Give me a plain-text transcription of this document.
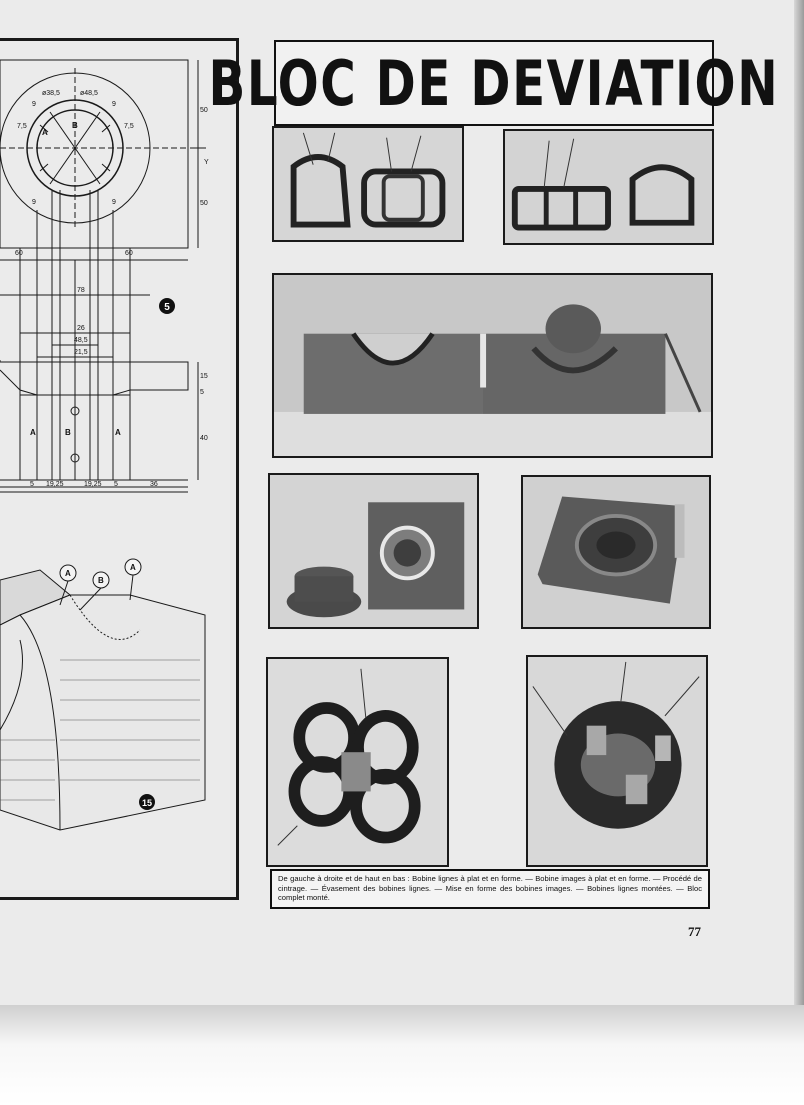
5
15
ø38,5	ø48,5
60	60
78
26
48,5
21,5
50
50
15
5
40
7,5	7,5
9	9
9	9
5 19,25	19,25 5	36
Y
A
B
B
A	A
A
B
A
BLOC DE DEVIATION
De gauche à droite et de haut en bas : Bobine lignes à plat et en forme. — Bobine images à plat et en forme. — Procédé de cintrage. — Évasement des bobines lignes. — Mise en forme des bobines images. — Bobines lignes montées. — Bloc complet monté.
77
